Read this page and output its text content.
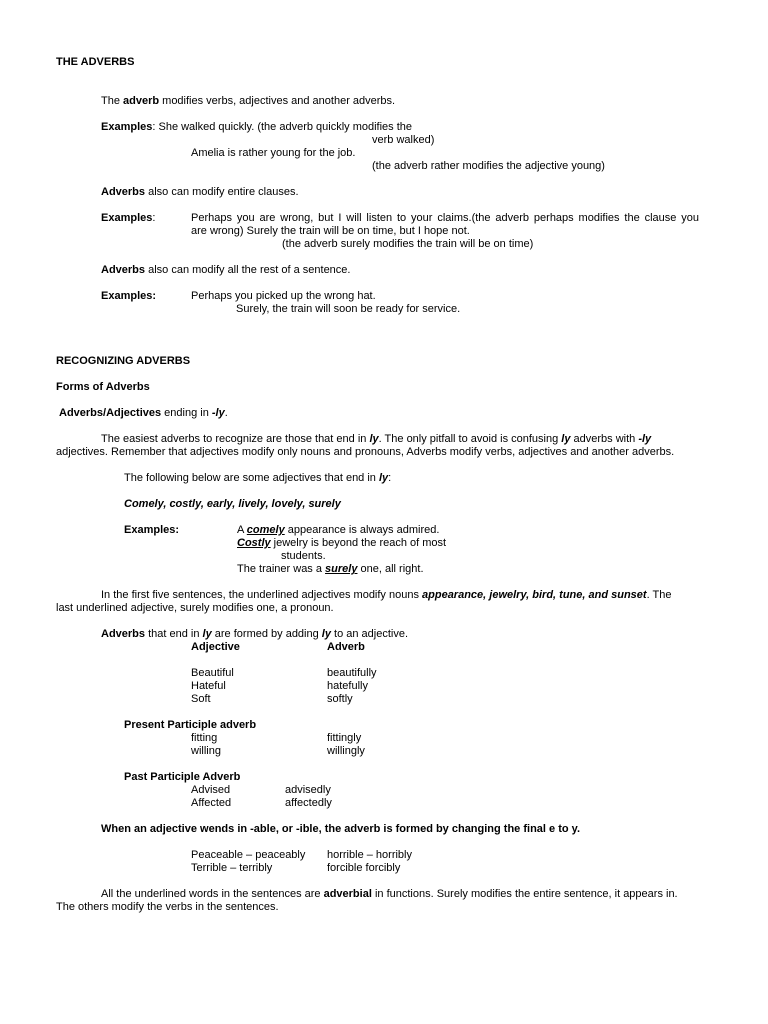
THE ADVERBS
The adverb modifies verbs, adjectives and another adverbs.
Examples: She walked quickly. (the adverb quickly modifies the
verb walked)
Amelia is rather young for the job.
(the adverb rather modifies the adjective young)
Adverbs also can modify entire clauses.
Examples:	Perhaps you are wrong, but I will listen to your claims.(the adverb perhaps modifies the clause you
are wrong) Surely the train will be on time, but I hope not.
(the adverb surely modifies the train will be on time)
Adverbs also can modify all the rest of a sentence.
Examples:	Perhaps you picked up the wrong hat.
Surely, the train will soon be ready for service.
RECOGNIZING ADVERBS
Forms of Adverbs
Adverbs/Adjectives ending in -ly.
The easiest adverbs to recognize are those that end in ly. The only pitfall to avoid is confusing ly adverbs with -ly
adjectives. Remember that adjectives modify only nouns and pronouns, Adverbs modify verbs, adjectives and another adverbs.
The following below are some adjectives that end in ly:
Comely, costly, early, lively, lovely, surely
Examples:	A comely appearance is always admired.
Costly jewelry is beyond the reach of most
students.
The trainer was a surely one, all right.
In the first five sentences, the underlined adjectives modify nouns appearance, jewelry, bird, tune, and sunset. The
last underlined adjective, surely modifies one, a pronoun.
Adverbs that end in ly are formed by adding ly to an adjective.
Adjective	Adverb
Beautiful	beautifully
Hateful	hatefully
Soft	softly
Present Participle adverb
fitting	fittingly
willing	willingly
Past Participle Adverb
Advised	advisedly
Affected	affectedly
When an adjective wends in -able, or -ible, the adverb is formed by changing the final e to y.
Peaceable – peaceably horrible – horribly
Terrible – terribly	forcible forcibly
All the underlined words in the sentences are adverbial in functions. Surely modifies the entire sentence, it appears in.
The others modify the verbs in the sentences.
